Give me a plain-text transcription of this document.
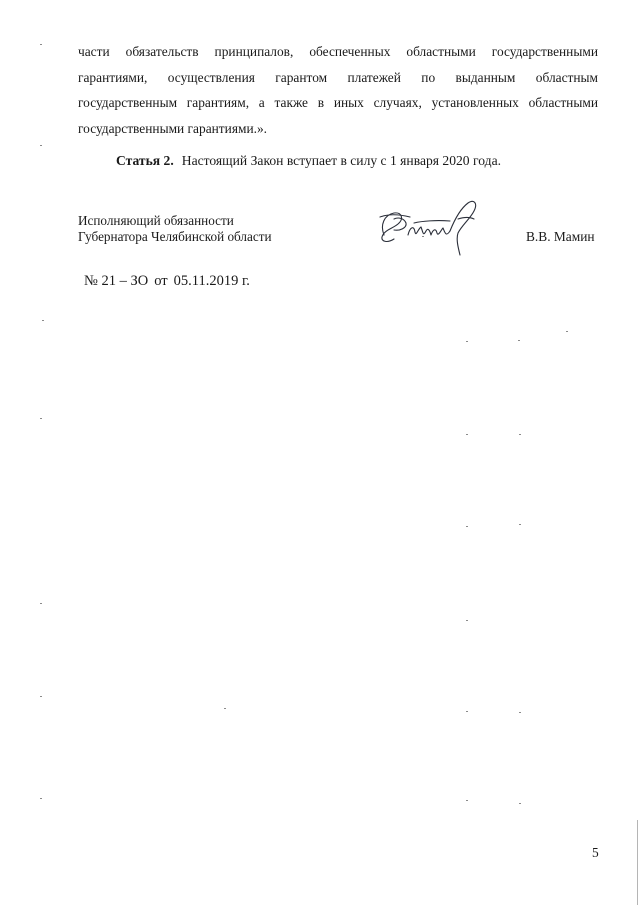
части обязательств принципалов, обеспеченных областными государственными гарантиями, осуществления гарантом платежей по выданным областным государственным гарантиям, а также в иных случаях, установленных областными государственными гарантиями.».

Статья 2. Настоящий Закон вступает в силу с 1 января 2020 года.
Исполняющий обязанности
Губернатора Челябинской области	В.В. Мамин
№ 21 – ЗО от 05.11.2019 г.
5
